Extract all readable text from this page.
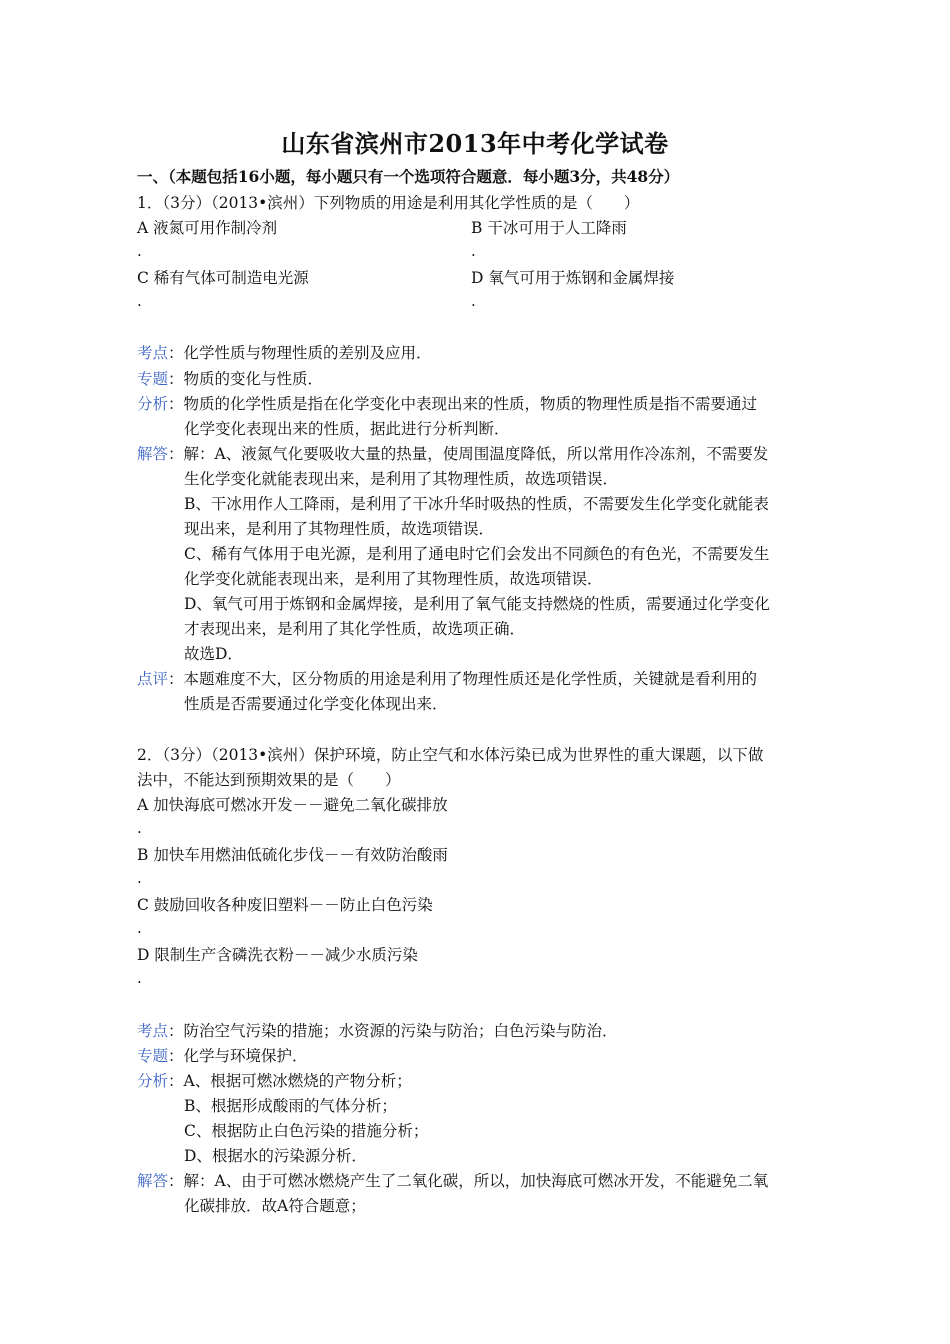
山东省滨州市2013年中考化学试卷
一、（本题包括16小题，每小题只有一个选项符合题意．每小题3分，共48分）
1．（3分）（2013•滨州）下列物质的用途是利用其化学性质的是（　　）
A 液氮可用作制冷剂	B 干冰可用于人工降雨
.	.
C 稀有气体可制造电光源	D 氧气可用于炼钢和金属焊接
.	.
考点：化学性质与物理性质的差别及应用．
专题：物质的变化与性质．
分析：物质的化学性质是指在化学变化中表现出来的性质，物质的物理性质是指不需要通过
化学变化表现出来的性质，据此进行分析判断．
解答：解：A、液氮气化要吸收大量的热量，使周围温度降低，所以常用作冷冻剂，不需要发
生化学变化就能表现出来，是利用了其物理性质，故选项错误．
B、干冰用作人工降雨，是利用了干冰升华时吸热的性质，不需要发生化学变化就能表
现出来，是利用了其物理性质，故选项错误．
C、稀有气体用于电光源，是利用了通电时它们会发出不同颜色的有色光，不需要发生
化学变化就能表现出来，是利用了其物理性质，故选项错误．
D、氧气可用于炼钢和金属焊接，是利用了氧气能支持燃烧的性质，需要通过化学变化
才表现出来，是利用了其化学性质，故选项正确．
故选D．
点评：本题难度不大，区分物质的用途是利用了物理性质还是化学性质，关键就是看利用的
性质是否需要通过化学变化体现出来．
2．（3分）（2013•滨州）保护环境，防止空气和水体污染已成为世界性的重大课题，以下做
法中，不能达到预期效果的是（　　）
A 加快海底可燃冰开发－－避免二氧化碳排放
.
B 加快车用燃油低硫化步伐－－有效防治酸雨
.
C 鼓励回收各种废旧塑料－－防止白色污染
.
D 限制生产含磷洗衣粉－－减少水质污染
.
考点：防治空气污染的措施；水资源的污染与防治；白色污染与防治．
专题：化学与环境保护．
分析：A、根据可燃冰燃烧的产物分析；
B、根据形成酸雨的气体分析；
C、根据防止白色污染的措施分析；
D、根据水的污染源分析．
解答：解：A、由于可燃冰燃烧产生了二氧化碳，所以，加快海底可燃冰开发，不能避免二氧
化碳排放．故A符合题意；
